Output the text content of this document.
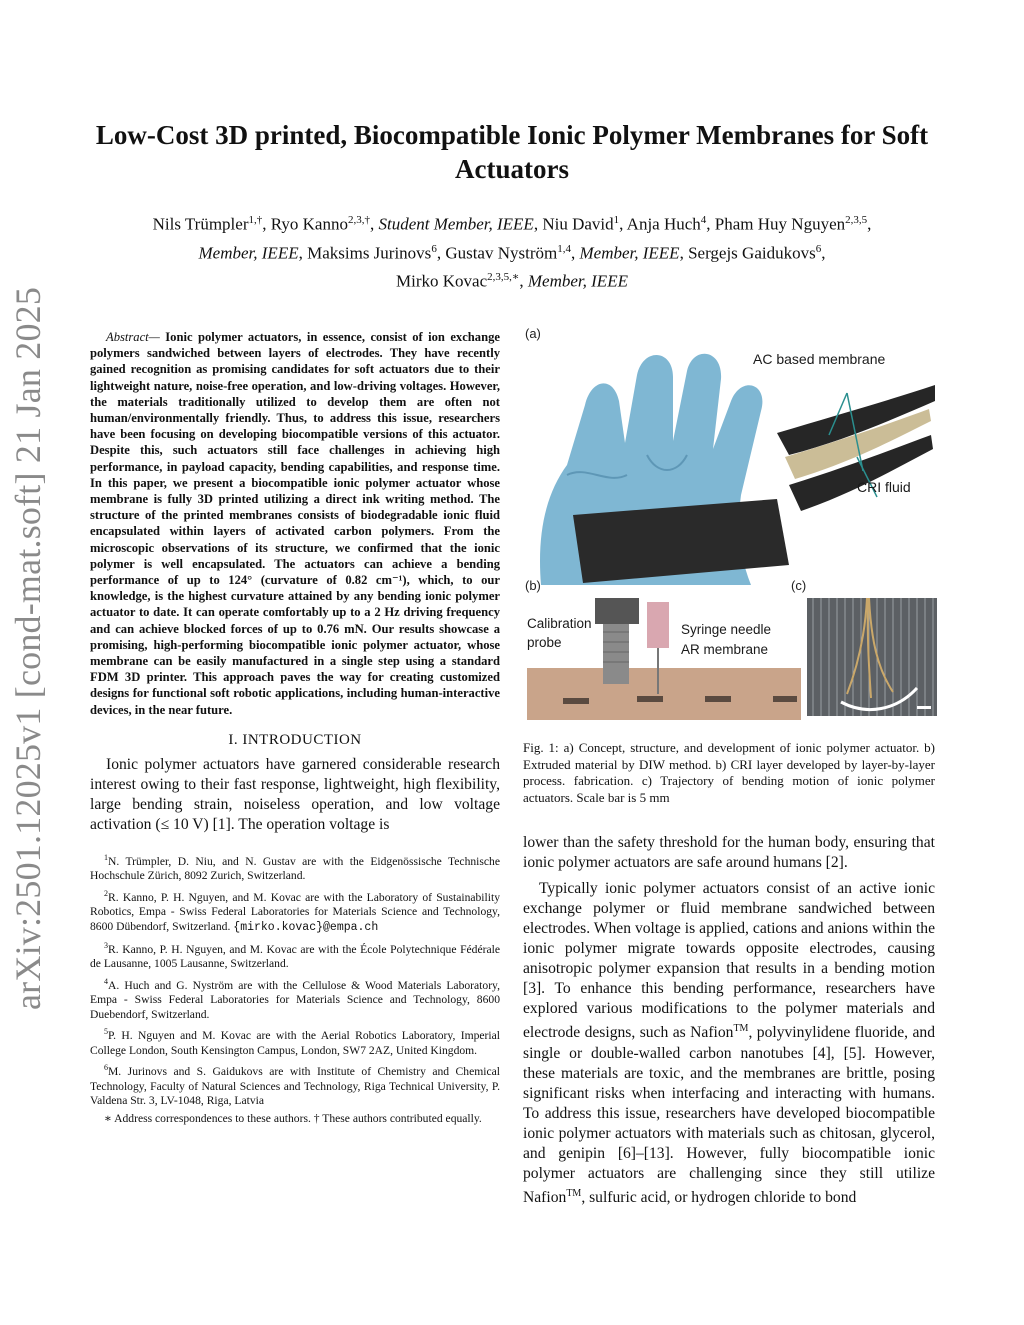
arXiv:2501.12025v1 [cond-mat.soft] 21 Jan 2025
Low-Cost 3D printed, Biocompatible Ionic Polymer Membranes for Soft Actuators
Nils Trümpler$^{1,\dagger}$, Ryo Kanno$^{2,3,\dagger}$, Student Member, IEEE, Niu David$^1$, Anja Huch$^4$, Pham Huy Nguyen$^{2,3,5}$,
Member, IEEE, Maksims Jurinovs$^6$, Gustav Nyström$^{1,4}$, Member, IEEE, Sergejs Gaidukovs$^6$,
Mirko Kovac$^{2,3,5,∗}$, Member, IEEE

Abstract— Ionic polymer actuators, in essence, consist of ion exchange polymers sandwiched between layers of electrodes. They have recently gained recognition as promising candidates for soft actuators due to their lightweight nature, noise-free operation, and low-driving voltages. However, the materials traditionally utilized to develop them are often not human/environmentally friendly. Thus, to address this issue, researchers have been focusing on developing biocompatible versions of this actuator. Despite this, such actuators still face challenges in achieving high performance, in payload capacity, bending capabilities, and response time. In this paper, we present a biocompatible ionic polymer actuator whose membrane is fully 3D printed utilizing a direct ink writing method. The structure of the printed membranes consists of biodegradable ionic fluid encapsulated within layers of activated carbon polymers. From the microscopic observations of its structure, we confirmed that the ionic polymer is well encapsulated. The actuators can achieve a bending performance of up to 124° (curvature of 0.82 cm⁻¹), which, to our knowledge, is the highest curvature attained by any bending ionic polymer actuator to date. It can operate comfortably up to a 2 Hz driving frequency and can achieve blocked forces of up to 0.76 mN. Our results showcase a promising, high-performing biocompatible ionic polymer actuator, whose membrane can be easily manufactured in a single step using a standard FDM 3D printer. This approach paves the way for creating customized designs for functional soft robotic applications, including human-interactive devices, in the near future.

I. INTRODUCTION

Ionic polymer actuators have garnered considerable research interest owing to their fast response, lightweight, high flexibility, large bending strain, noiseless operation, and low voltage activation (≤ 10 V) [1]. The operation voltage is

$^1$N. Trümpler, D. Niu, and N. Gustav are with the Eidgenössische Technische Hochschule Zürich, 8092 Zurich, Switzerland.

$^2$R. Kanno, P. H. Nguyen, and M. Kovac are with the Laboratory of Sustainability Robotics, Empa - Swiss Federal Laboratories for Materials Science and Technology, 8600 Dübendorf, Switzerland. {mirko.kovac}@empa.ch

$^3$R. Kanno, P. H. Nguyen, and M. Kovac are with the École Polytechnique Fédérale de Lausanne, 1005 Lausanne, Switzerland.

$^4$A. Huch and G. Nyström are with the Cellulose & Wood Materials Laboratory, Empa - Swiss Federal Laboratories for Materials Science and Technology, 8600 Duebendorf, Switzerland.

$^5$P. H. Nguyen and M. Kovac are with the Aerial Robotics Laboratory, Imperial College London, South Kensington Campus, London, SW7 2AZ, United Kingdom.

$^6$M. Jurinovs and S. Gaidukovs are with Institute of Chemistry and Chemical Technology, Faculty of Natural Sciences and Technology, Riga Technical University, P. Valdena Str. 3, LV-1048, Riga, Latvia

∗ Address correspondences to these authors. † These authors contributed equally.

(a)
AC based membrane
CRI fluid
(b)	(c)
Calibration
probe
Syringe needle
AR membrane

Fig. 1: a) Concept, structure, and development of ionic polymer actuator. b) Extruded material by DIW method. b) CRI layer developed by layer-by-layer process. fabrication. c) Trajectory of bending motion of ionic polymer actuators. Scale bar is 5 mm

lower than the safety threshold for the human body, ensuring that ionic polymer actuators are safe around humans [2].

Typically ionic polymer actuators consist of an active ionic exchange polymer or fluid membrane sandwiched between electrodes. When voltage is applied, cations and anions within the ionic polymer migrate towards opposite electrodes, causing anisotropic polymer expansion that results in a bending motion [3]. To enhance this bending performance, researchers have explored various modifications to the polymer materials and electrode designs, such as Nafion™, polyvinylidene fluoride, and single or double-walled carbon nanotubes [4], [5]. However, these materials are toxic, and the membranes are brittle, posing significant risks when interfacing and interacting with humans. To address this issue, researchers have developed biocompatible ionic polymer actuators with materials such as chitosan, glycerol, and genipin [6]–[13]. However, fully biocompatible ionic polymer actuators are challenging since they still utilize Nafion™, sulfuric acid, or hydrogen chloride to bond
